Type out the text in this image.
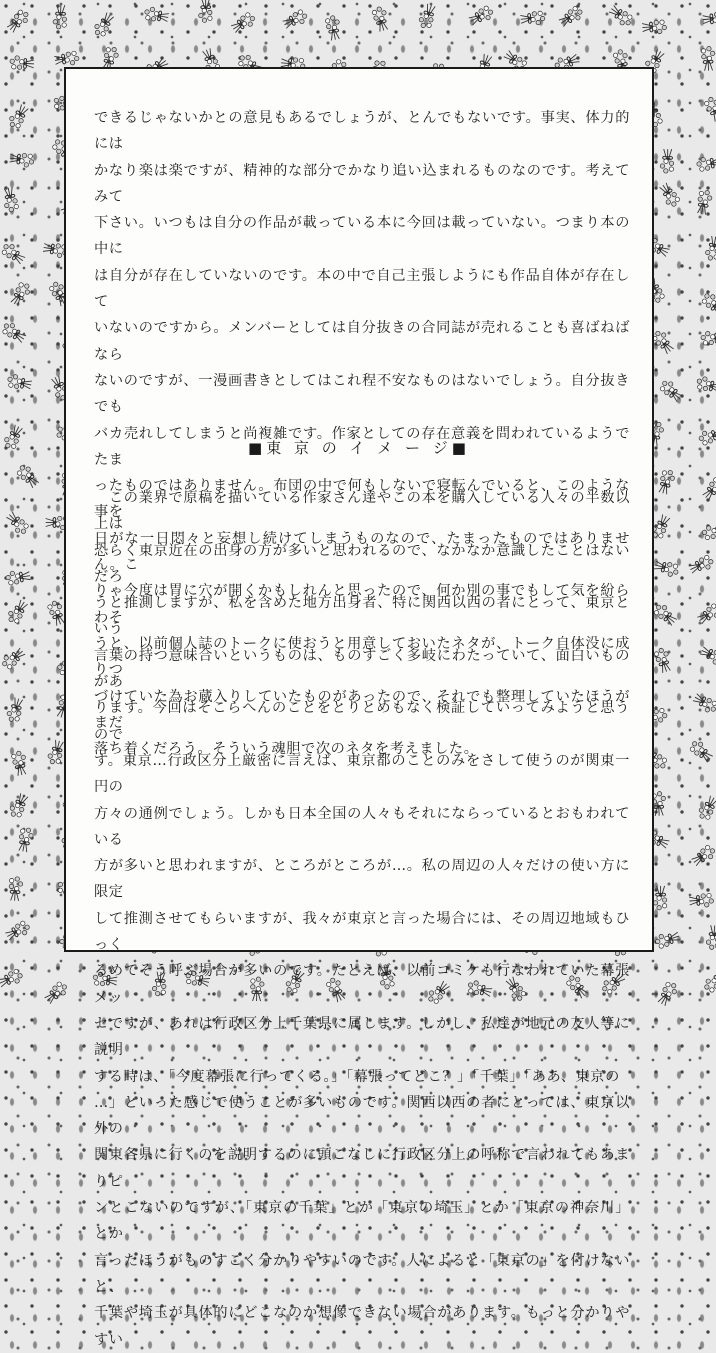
できるじゃないかとの意見もあるでしょうが、とんでもないです。事実、体力的には
かなり楽は楽ですが、精神的な部分でかなり追い込まれるものなのです。考えてみて
下さい。いつもは自分の作品が載っている本に今回は載っていない。つまり本の中に
は自分が存在していないのです。本の中で自己主張しようにも作品自体が存在して
いないのですから。メンバーとしては自分抜きの合同誌が売れることも喜ばねばなら
ないのですが、一漫画書きとしてはこれ程不安なものはないでしょう。自分抜きでも
バカ売れしてしまうと尚複雑です。作家としての存在意義を問われているようでたま
ったものではありません。布団の中で何もしないで寝転んでいると、このような事を
日がな一日悶々と妄想し続けてしまうものなので、たまったものではありません。こ
りゃ今度は胃に穴が開くかもしれんと思ったので、何か別の事でもして気を紛らわそ
うと、以前個人誌のトークに使おうと用意しておいたネタが、トーク自体没に成りつ
づけていた為お蔵入りしていたものがあったので、それでも整理していたほうがまだ
落ち着くだろう。そういう魂胆で次のネタを考えました。

■東 京 の イ メ ー ジ■

　この業界で原稿を描いている作家さん達やこの本を購入している人々の半数以上は
恐らく東京近在の出身の方が多いと思われるので、なかなか意識したことはないだろ
うと推測しますが、私を含めた地方出身者、特に関西以西の者にとって、東京という
言葉の持つ意味合いというものは、ものすごく多岐にわたっていて、面白いものがあ
ります。今回はそこらへんのことをとりとめもなく検証していってみようと思うので
す。東京…行政区分上厳密に言えば、東京都のことのみをさして使うのが関東一円の
方々の通例でしょう。しかも日本全国の人々もそれにならっているとおもわれている
方が多いと思われますが、ところがところが…。私の周辺の人々だけの使い方に限定
して推測させてもらいますが、我々が東京と言った場合には、その周辺地域もひっく
るめてそう呼ぶ場合が多いのです。たとえば、以前コミケも行なわれていた幕張メッ
セですが、あれは行政区分上千葉県に属します。しかし、私達が地元の友人等に説明
する時は、「今度幕張に行ってくる。」「幕張ってどこ？」「千葉」「ああ、東京の
…」といった感じで使うことが多いものです。関西以西の者にとっては、東京以外の
関東各県に行くのを説明するのに頭ごなしに行政区分上の呼称で言われてもあまりピ
ンとこないのですが、「東京の千葉」とか「東京の埼玉」とか「東京の神奈川」とか
言ったほうがものすごく分かりやすいのです。人によると「東京の」を付けないと、
千葉や埼玉が具体的にどこなのか想像できない場合があります。もっと分かりやすい
